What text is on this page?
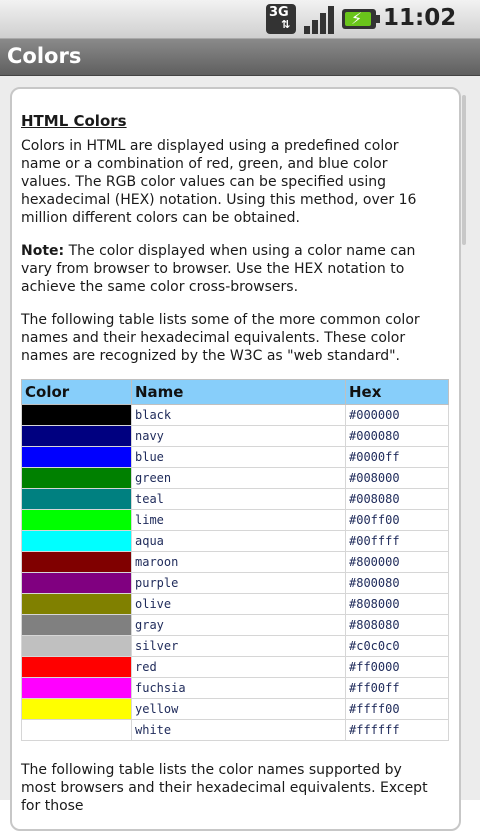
3G
⇅	⚡ 11:02
Colors
HTML Colors
Colors in HTML are displayed using a predefined color name or a combination of red, green, and blue color values. The RGB color values can be specified using hexadecimal (HEX) notation. Using this method, over 16 million different colors can be obtained.
Note: The color displayed when using a color name can vary from browser to browser. Use the HEX notation to achieve the same color cross-browsers.
The following table lists some of the more common color names and their hexadecimal equivalents. These color names are recognized by the W3C as "web standard".
Color	Name	Hex
	black	#000000
	navy	#000080
	blue	#0000ff
	green	#008000
	teal	#008080
	lime	#00ff00
	aqua	#00ffff
	maroon	#800000
	purple	#800080
	olive	#808000
	gray	#808080
	silver	#c0c0c0
	red	#ff0000
	fuchsia	#ff00ff
	yellow	#ffff00
	white	#ffffff
The following table lists the color names supported by most browsers and their hexadecimal equivalents. Except for those
